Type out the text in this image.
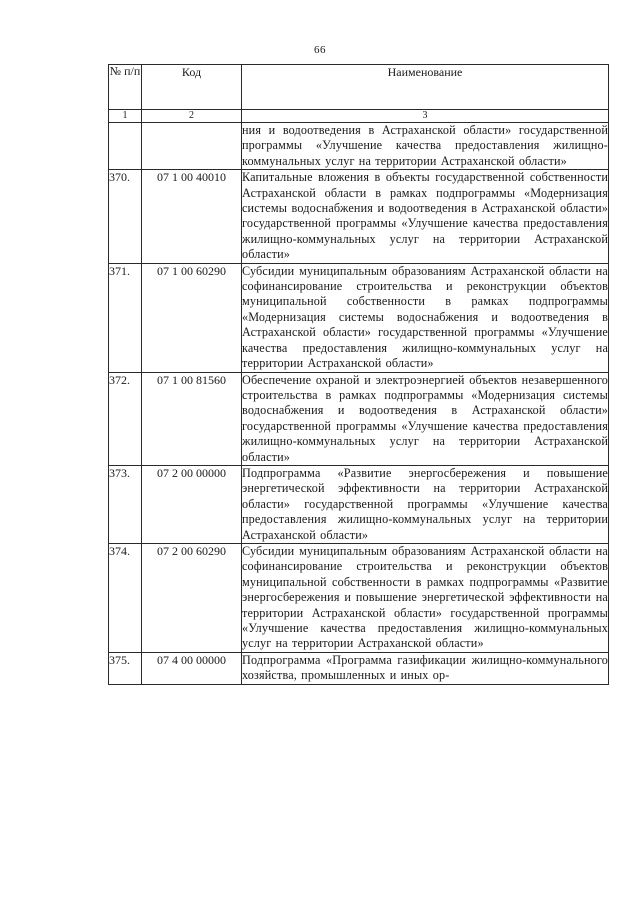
66
№ п/п	Код	Наименование
1	2	3
		ния и водоотведения в Астраханской области» государственной программы «Улучшение качества предоставления жилищно-коммунальных услуг на территории Астраханской области»
370.	07 1 00 40010	Капитальные вложения в объекты государственной собственности Астраханской области в рамках подпрограммы «Модернизация системы водоснабжения и водоотведения в Астраханской области» государственной программы «Улучшение качества предоставления жилищно-коммунальных услуг на территории Астраханской области»
371.	07 1 00 60290	Субсидии муниципальным образованиям Астраханской области на софинансирование строительства и реконструкции объектов муниципальной собственности в рамках подпрограммы «Модернизация системы водоснабжения и водоотведения в Астраханской области» государственной программы «Улучшение качества предоставления жилищно-коммунальных услуг на территории Астраханской области»
372.	07 1 00 81560	Обеспечение охраной и электроэнергией объектов незавершенного строительства в рамках подпрограммы «Модернизация системы водоснабжения и водоотведения в Астраханской области» государственной программы «Улучшение качества предоставления жилищно-коммунальных услуг на территории Астраханской области»
373.	07 2 00 00000	Подпрограмма «Развитие энергосбережения и повышение энергетической эффективности на территории Астраханской области» государственной программы «Улучшение качества предоставления жилищно-коммунальных услуг на территории Астраханской области»
374.	07 2 00 60290	Субсидии муниципальным образованиям Астраханской области на софинансирование строительства и реконструкции объектов муниципальной собственности в рамках подпрограммы «Развитие энергосбережения и повышение энергетической эффективности на территории Астраханской области» государственной программы «Улучшение качества предоставления жилищно-коммунальных услуг на территории Астраханской области»
375.	07 4 00 00000	Подпрограмма «Программа газификации жилищно-коммунального хозяйства, промышленных и иных ор-
